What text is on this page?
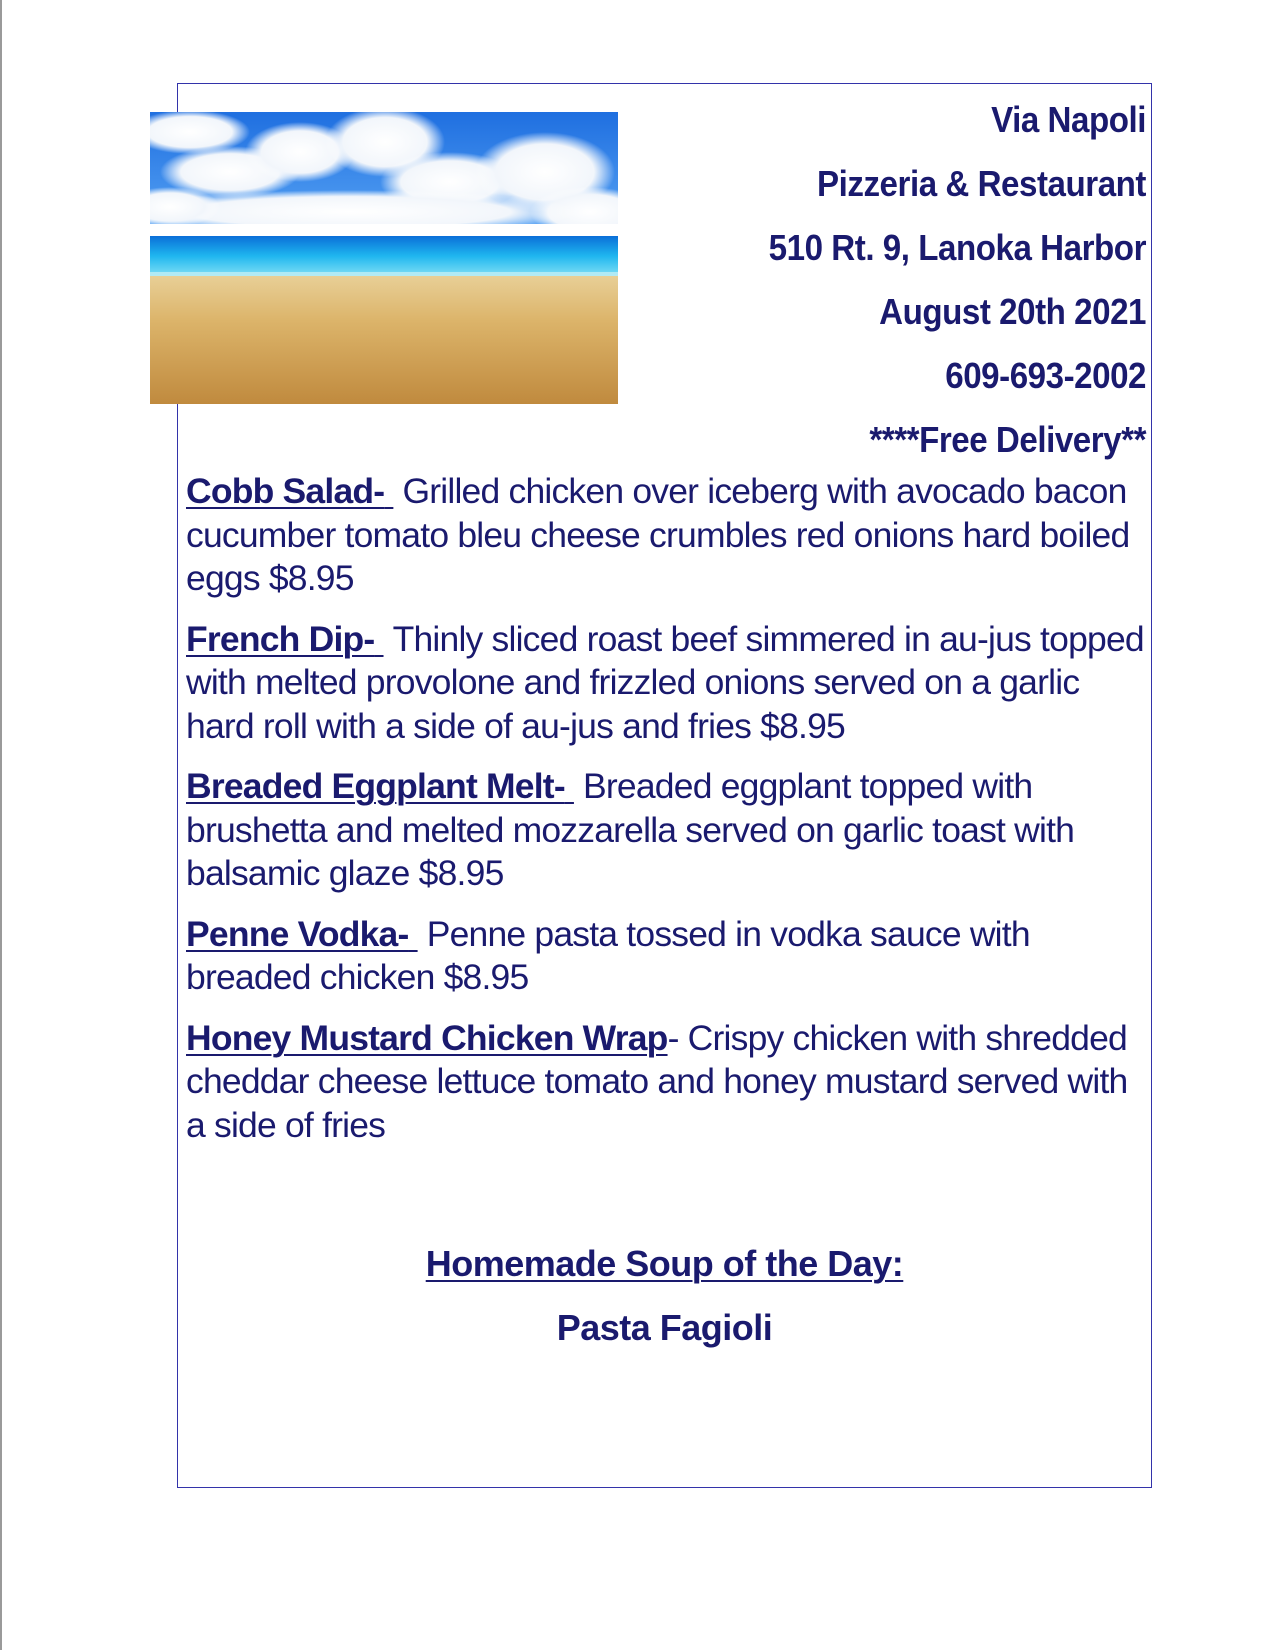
Via Napoli
Pizzeria & Restaurant
510 Rt. 9, Lanoka Harbor
August 20th 2021
609-693-2002
****Free Delivery**
Cobb Salad- Grilled chicken over iceberg with avocado bacon cucumber tomato bleu cheese crumbles red onions hard boiled eggs $8.95
French Dip- Thinly sliced roast beef simmered in au-jus topped with melted provolone and frizzled onions served on a garlic hard roll with a side of au-jus and fries $8.95
Breaded Eggplant Melt- Breaded eggplant topped with brushetta and melted mozzarella served on garlic toast with balsamic glaze $8.95
Penne Vodka- Penne pasta tossed in vodka sauce with breaded chicken $8.95
Honey Mustard Chicken Wrap- Crispy chicken with shredded cheddar cheese lettuce tomato and honey mustard served with a side of fries
Homemade Soup of the Day:
Pasta Fagioli
